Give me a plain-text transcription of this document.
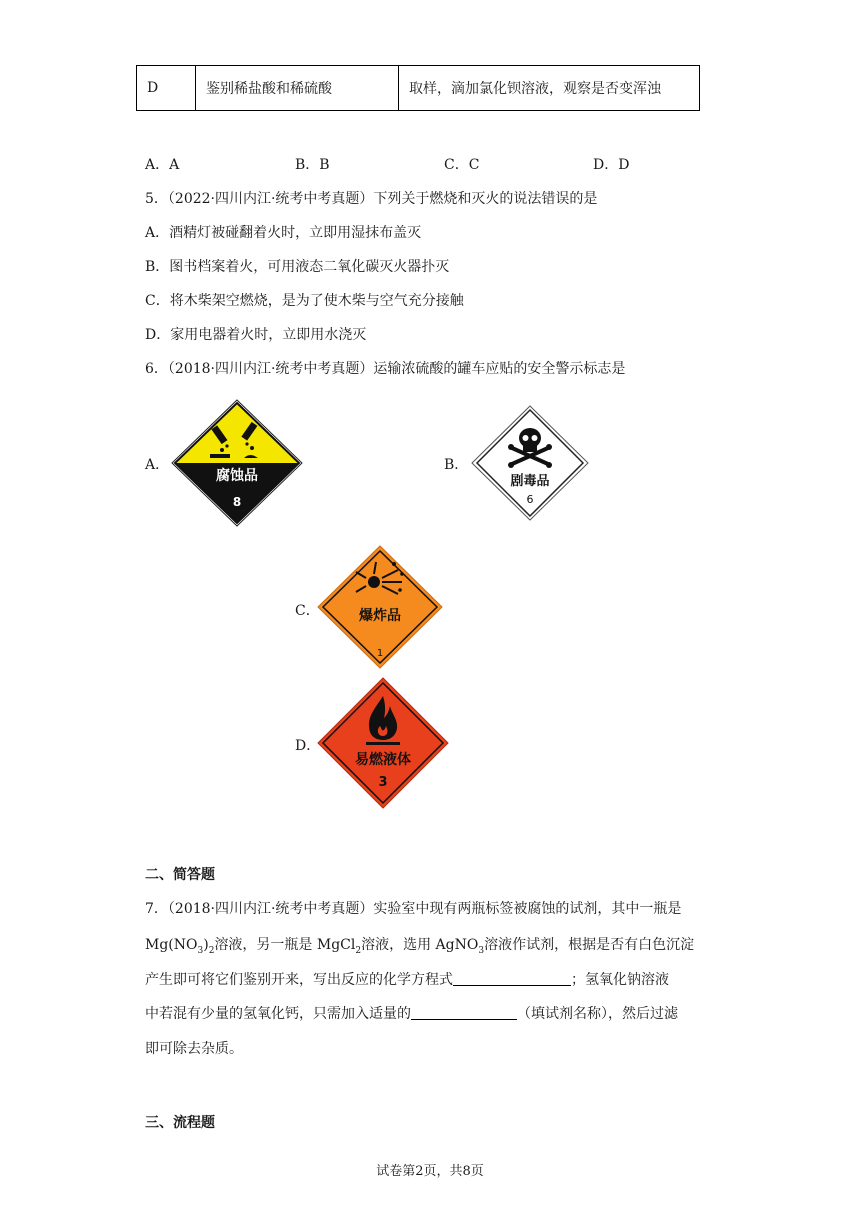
D	鉴别稀盐酸和稀硫酸	取样，滴加氯化钡溶液，观察是否变浑浊
A．A	B．B	C．C	D．D
5．（2022·四川内江·统考中考真题）下列关于燃烧和灭火的说法错误的是
A．酒精灯被碰翻着火时，立即用湿抹布盖灭
B．图书档案着火，可用液态二氧化碳灭火器扑灭
C．将木柴架空燃烧，是为了使木柴与空气充分接触
D．家用电器着火时，立即用水浇灭
6．（2018·四川内江·统考中考真题）运输浓硫酸的罐车应贴的安全警示标志是
A．
腐蚀品
8
B．
剧毒品
6
C．	爆炸品
1
D．
易燃液体
3
二、简答题
7．（2018·四川内江·统考中考真题）实验室中现有两瓶标签被腐蚀的试剂，其中一瓶是
$Mg(NO_3)_2$溶液，另一瓶是 MgCl$_2$溶液，选用 AgNO$_3$溶液作试剂，根据是否有白色沉淀
产生即可将它们鉴别开来，写出反应的化学方程式	；氢氧化钠溶液
中若混有少量的氢氧化钙，只需加入适量的	（填试剂名称），然后过滤
即可除去杂质。
三、流程题
试卷第2页，共8页
